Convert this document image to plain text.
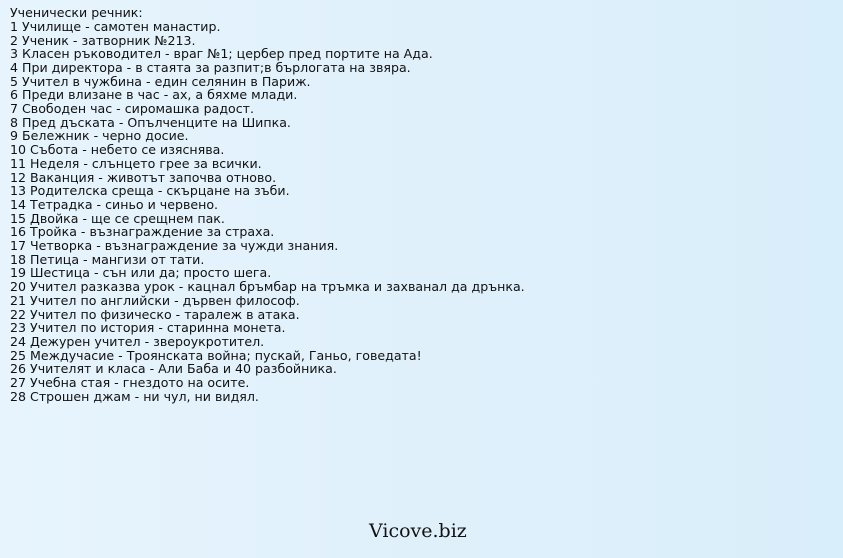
Ученически речник:
1 Училище - самотен манастир.
2 Ученик - затворник №213.
3 Класен ръководител - враг №1; цербер пред портите на Ада.
4 При директора - в стаята за разпит;в бърлогата на звяра.
5 Учител в чужбина - един селянин в Париж.
6 Преди влизане в час - ах, а бяхме млади.
7 Свободен час - сиромашка радост.
8 Пред дъската - Опълченците на Шипка.
9 Бележник - черно досие.
10 Събота - небето се изяснява.
11 Неделя - слънцето грее за всички.
12 Ваканция - животът започва отново.
13 Родителска среща - скърцане на зъби.
14 Тетрадка - синьо и червено.
15 Двойка - ще се срещнем пак.
16 Тройка - възнаграждение за страха.
17 Четворка - възнаграждение за чужди знания.
18 Петица - мангизи от тати.
19 Шестица - сън или да; просто шега.
20 Учител разказва урок - кацнал бръмбар на тръмка и захванал да дрънка.
21 Учител по английски - дървен философ.
22 Учител по физическо - таралеж в атака.
23 Учител по история - старинна монета.
24 Дежурен учител - звероукротител.
25 Междучасие - Троянската война; пускай, Ганьо, говедата!
26 Учителят и класа - Али Баба и 40 разбойника.
27 Учебна стая - гнездото на осите.
28 Строшен джам - ни чул, ни видял.
Vicove.biz
